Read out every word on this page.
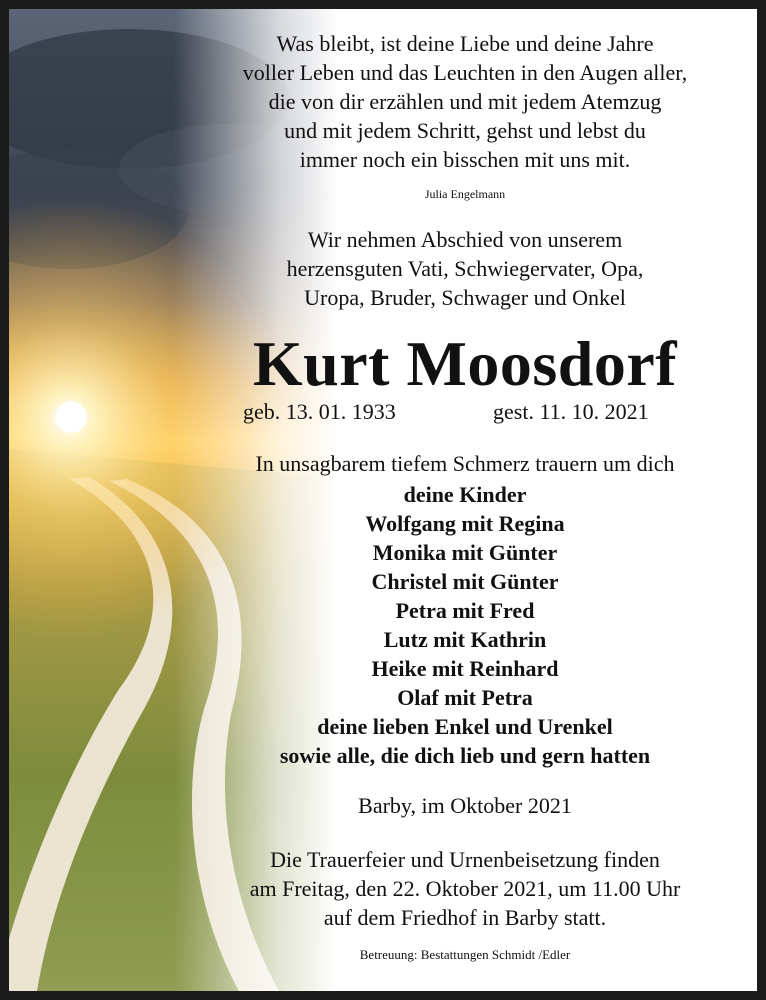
Was bleibt, ist deine Liebe und deine Jahre
voller Leben und das Leuchten in den Augen aller,
die von dir erzählen und mit jedem Atemzug
und mit jedem Schritt, gehst und lebst du
immer noch ein bisschen mit uns mit.
Julia Engelmann
Wir nehmen Abschied von unserem
herzensguten Vati, Schwiegervater, Opa,
Uropa, Bruder, Schwager und Onkel
Kurt Moosdorf
geb. 13. 01. 1933	gest. 11. 10. 2021
In unsagbarem tiefem Schmerz trauern um dich
deine Kinder
Wolfgang mit Regina
Monika mit Günter
Christel mit Günter
Petra mit Fred
Lutz mit Kathrin
Heike mit Reinhard
Olaf mit Petra
deine lieben Enkel und Urenkel
sowie alle, die dich lieb und gern hatten
Barby, im Oktober 2021
Die Trauerfeier und Urnenbeisetzung finden
am Freitag, den 22. Oktober 2021, um 11.00 Uhr
auf dem Friedhof in Barby statt.
Betreuung: Bestattungen Schmidt /Edler
